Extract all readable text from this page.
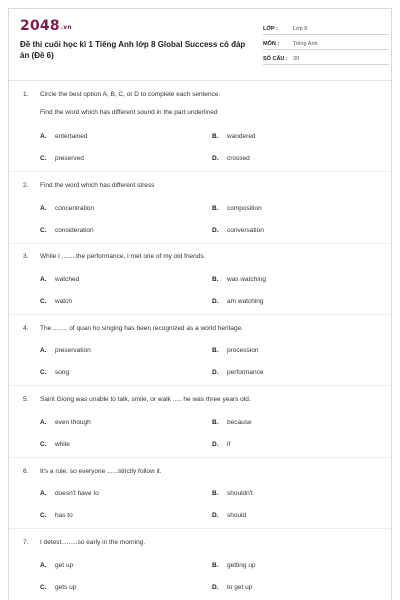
2048.vn
Đề thi cuối học kì 1 Tiếng Anh lớp 8 Global Success có đáp án (Đề 6)
LỚP :	Lớp 8
MÔN :	Tiếng Anh
SỐ CÂU : 30
1. Circle the best option A, B, C, or D to complete each sentence.
Find the word which has different sound in the part underlined
A. entertained	B. wandered
C. preserved	D. crossed
2. Find the word which has different stress
A. concentration	B. composition
C. consideration	D. conversation
3. While I ........the performance, I met one of my old friends.
A. watched	B. was watching
C. watch	D. am watching
4. The ........ of quan ho singing has been recognized as a world heritage.
A. preservation	B. procession
C. song	D. performance
5. Saint Giong was unable to talk, smile, or walk ..... he was three years old.
A. even though	B. because
C. while	D. if
6. It's a rule, so everyone ......strictly follow it.
A. doesn't have to	B. shouldn't
C. has to	D. should
7. I detest.........so early in the morning.
A. get up	B. getting up
C. gets up	D. to get up
